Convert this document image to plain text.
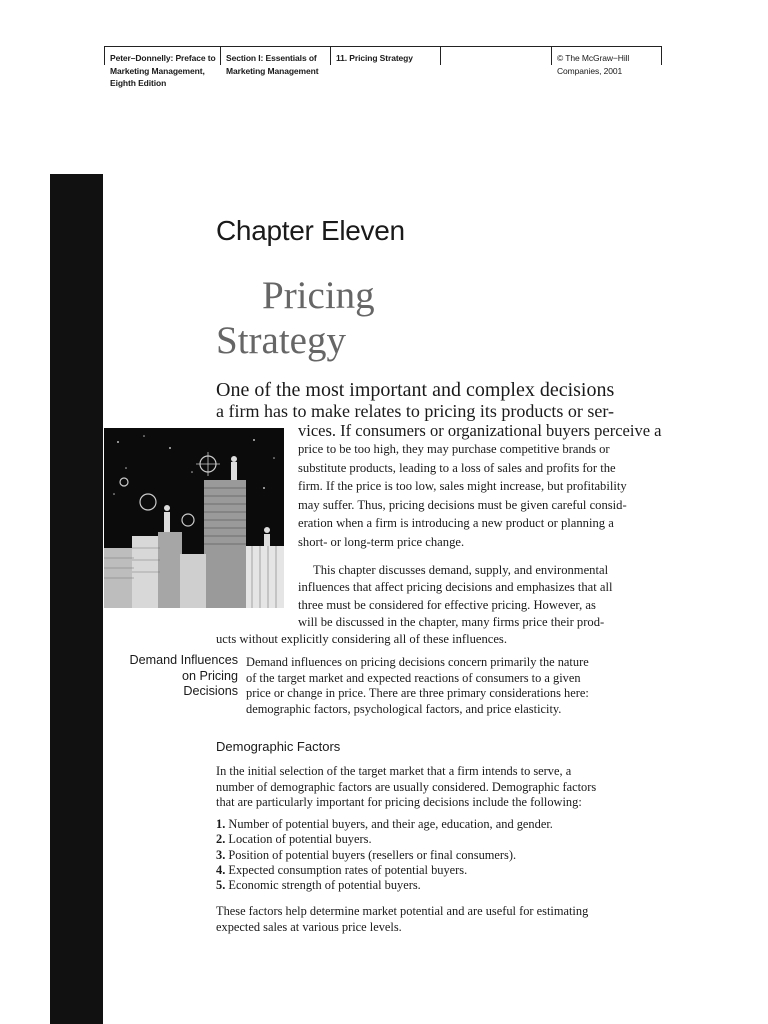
Peter–Donnelly: Preface to
Marketing Management,
Eighth Edition
Section I: Essentials of
Marketing Management
11. Pricing Strategy	© The McGraw−Hill
Companies, 2001
Chapter Eleven
Pricing
Strategy
One of the most important and complex decisions
a firm has to make relates to pricing its products or ser-
vices. If consumers or organizational buyers perceive a
price to be too high, they may purchase competitive brands or
substitute products, leading to a loss of sales and profits for the
firm. If the price is too low, sales might increase, but profitability
may suffer. Thus, pricing decisions must be given careful consid-
eration when a firm is introducing a new product or planning a
short- or long-term price change.
This chapter discusses demand, supply, and environmental
influences that affect pricing decisions and emphasizes that all
three must be considered for effective pricing. However, as
will be discussed in the chapter, many firms price their prod-
ucts without explicitly considering all of these influences.
Demand Influences
on Pricing
Decisions
Demand influences on pricing decisions concern primarily the nature
of the target market and expected reactions of consumers to a given
price or change in price. There are three primary considerations here:
demographic factors, psychological factors, and price elasticity.
Demographic Factors
In the initial selection of the target market that a firm intends to serve, a
number of demographic factors are usually considered. Demographic factors
that are particularly important for pricing decisions include the following:
1. Number of potential buyers, and their age, education, and gender.
2. Location of potential buyers.
3. Position of potential buyers (resellers or final consumers).
4. Expected consumption rates of potential buyers.
5. Economic strength of potential buyers.
These factors help determine market potential and are useful for estimating
expected sales at various price levels.
